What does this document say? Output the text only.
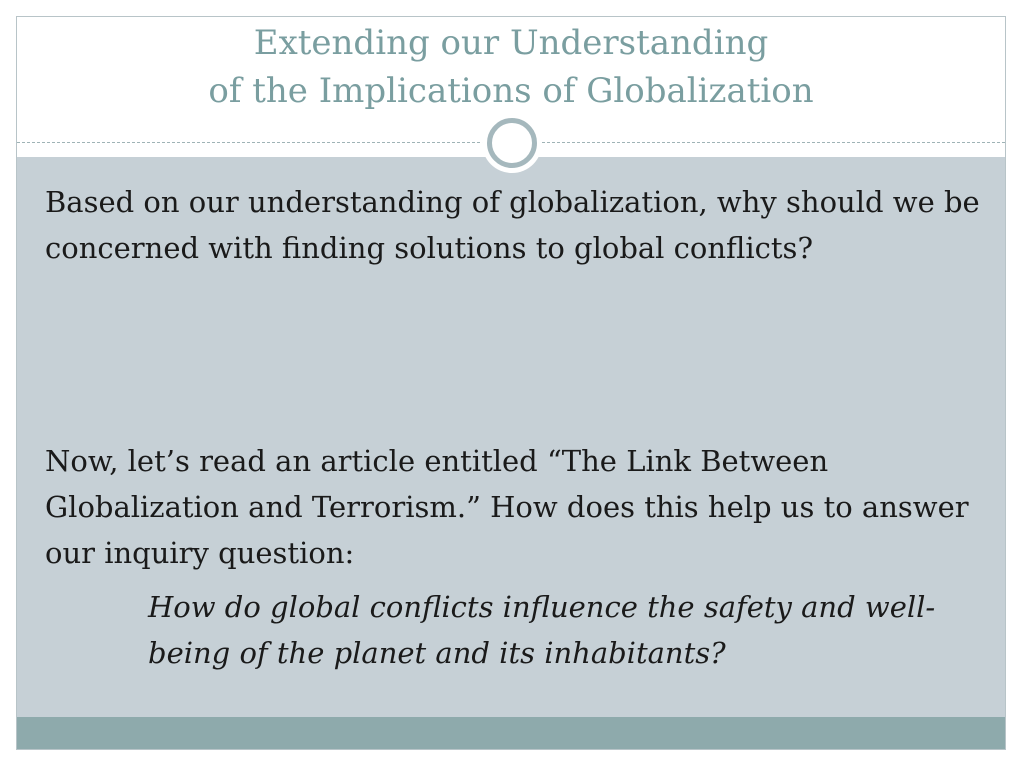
Extending our Understanding
of the Implications of Globalization

Based on our understanding of globalization, why should we be concerned with finding solutions to global conflicts?

Now, let’s read an article entitled “The Link Between Globalization and Terrorism.” How does this help us to answer our inquiry question:

How do global conflicts influence the safety and well-being of the planet and its inhabitants?
